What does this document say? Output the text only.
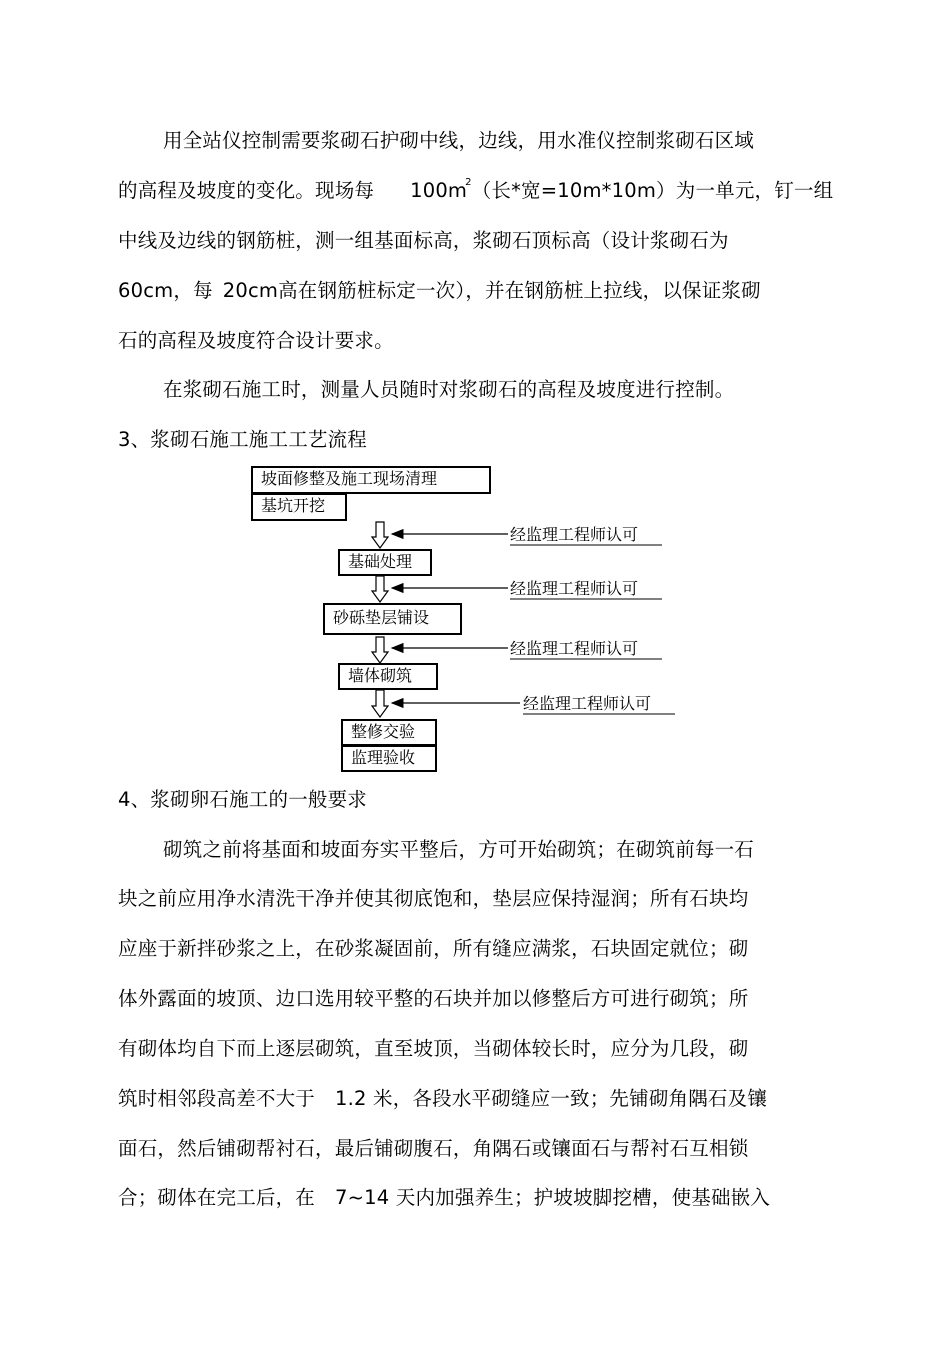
用全站仪控制需要浆砌石护砌中线，边线，用水准仪控制浆砌石区域
的高程及坡度的变化。现场每 $100m^2$（长*宽=10m*10m）为一单元，钉一组
中线及边线的钢筋桩，测一组基面标高，浆砌石顶标高（设计浆砌石为
60cm，每 20cm高在钢筋桩标定一次），并在钢筋桩上拉线，以保证浆砌
石的高程及坡度符合设计要求。
在浆砌石施工时，测量人员随时对浆砌石的高程及坡度进行控制。
3、浆砌石施工施工工艺流程
坡面修整及施工现场清理
基坑开挖
基础处理
砂砾垫层铺设
墙体砌筑
整修交验
监理验收
经监理工程师认可
经监理工程师认可
经监理工程师认可
经监理工程师认可
4、浆砌卵石施工的一般要求
砌筑之前将基面和坡面夯实平整后，方可开始砌筑；在砌筑前每一石
块之前应用净水清洗干净并使其彻底饱和，垫层应保持湿润；所有石块均
应座于新拌砂浆之上，在砂浆凝固前，所有缝应满浆，石块固定就位；砌
体外露面的坡顶、边口选用较平整的石块并加以修整后方可进行砌筑；所
有砌体均自下而上逐层砌筑，直至坡顶，当砌体较长时，应分为几段，砌
筑时相邻段高差不大于 1.2 米，各段水平砌缝应一致；先铺砌角隅石及镶
面石，然后铺砌帮衬石，最后铺砌腹石，角隅石或镶面石与帮衬石互相锁
合；砌体在完工后，在 7~14 天内加强养生；护坡坡脚挖槽，使基础嵌入
